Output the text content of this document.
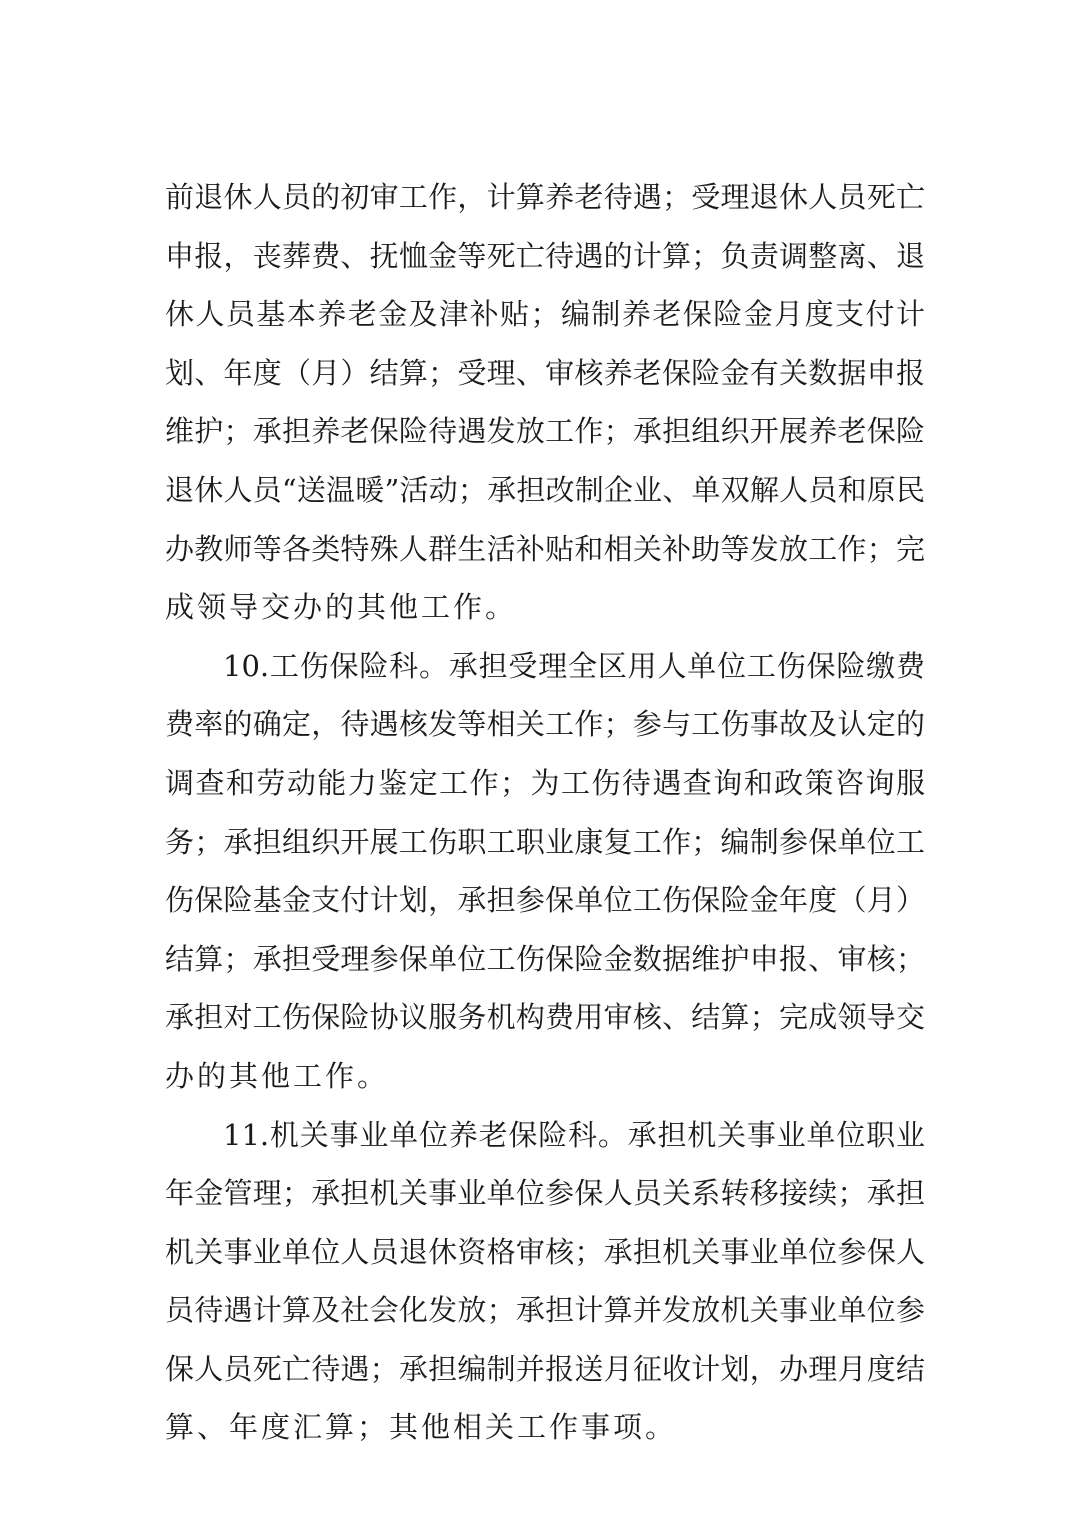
前退休人员的初审工作，计算养老待遇；受理退休人员死亡
申报，丧葬费、抚恤金等死亡待遇的计算；负责调整离、退
休人员基本养老金及津补贴；编制养老保险金月度支付计
划、年度（月）结算；受理、审核养老保险金有关数据申报
维护；承担养老保险待遇发放工作；承担组织开展养老保险
退休人员“送温暖”活动；承担改制企业、单双解人员和原民
办教师等各类特殊人群生活补贴和相关补助等发放工作；完
成领导交办的其他工作。
10.工伤保险科。承担受理全区用人单位工伤保险缴费
费率的确定，待遇核发等相关工作；参与工伤事故及认定的
调查和劳动能力鉴定工作；为工伤待遇查询和政策咨询服
务；承担组织开展工伤职工职业康复工作；编制参保单位工
伤保险基金支付计划，承担参保单位工伤保险金年度（月）
结算；承担受理参保单位工伤保险金数据维护申报、审核；
承担对工伤保险协议服务机构费用审核、结算；完成领导交
办的其他工作。
11.机关事业单位养老保险科。承担机关事业单位职业
年金管理；承担机关事业单位参保人员关系转移接续；承担
机关事业单位人员退休资格审核；承担机关事业单位参保人
员待遇计算及社会化发放；承担计算并发放机关事业单位参
保人员死亡待遇；承担编制并报送月征收计划，办理月度结
算、年度汇算；其他相关工作事项。
